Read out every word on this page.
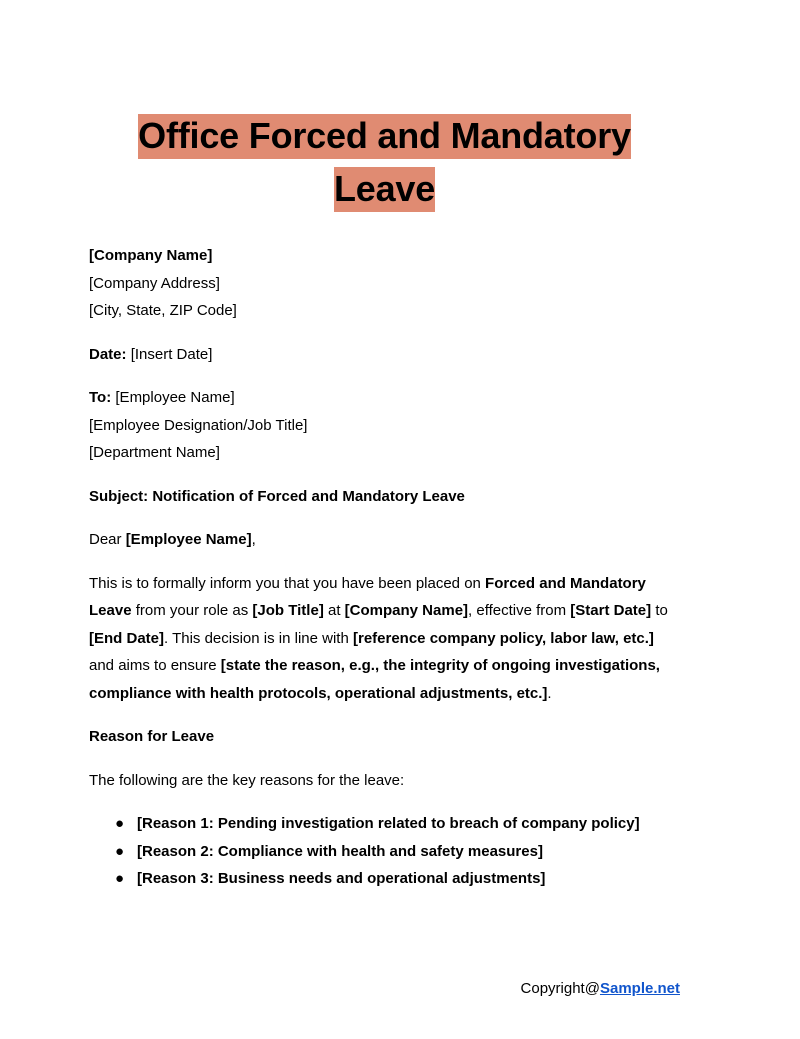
Office Forced and Mandatory
Leave

[Company Name]

[Company Address]

[City, State, ZIP Code]

Date: [Insert Date]

To: [Employee Name]

[Employee Designation/Job Title]

[Department Name]

Subject: Notification of Forced and Mandatory Leave

Dear [Employee Name],

This is to formally inform you that you have been placed on Forced and Mandatory Leave from your role as [Job Title] at [Company Name], effective from [Start Date] to [End Date]. This decision is in line with [reference company policy, labor law, etc.] and aims to ensure [state the reason, e.g., the integrity of ongoing investigations, compliance with health protocols, operational adjustments, etc.].

Reason for Leave

The following are the key reasons for the leave:

● [Reason 1: Pending investigation related to breach of company policy]
● [Reason 2: Compliance with health and safety measures]
● [Reason 3: Business needs and operational adjustments]
Copyright@Sample.net
